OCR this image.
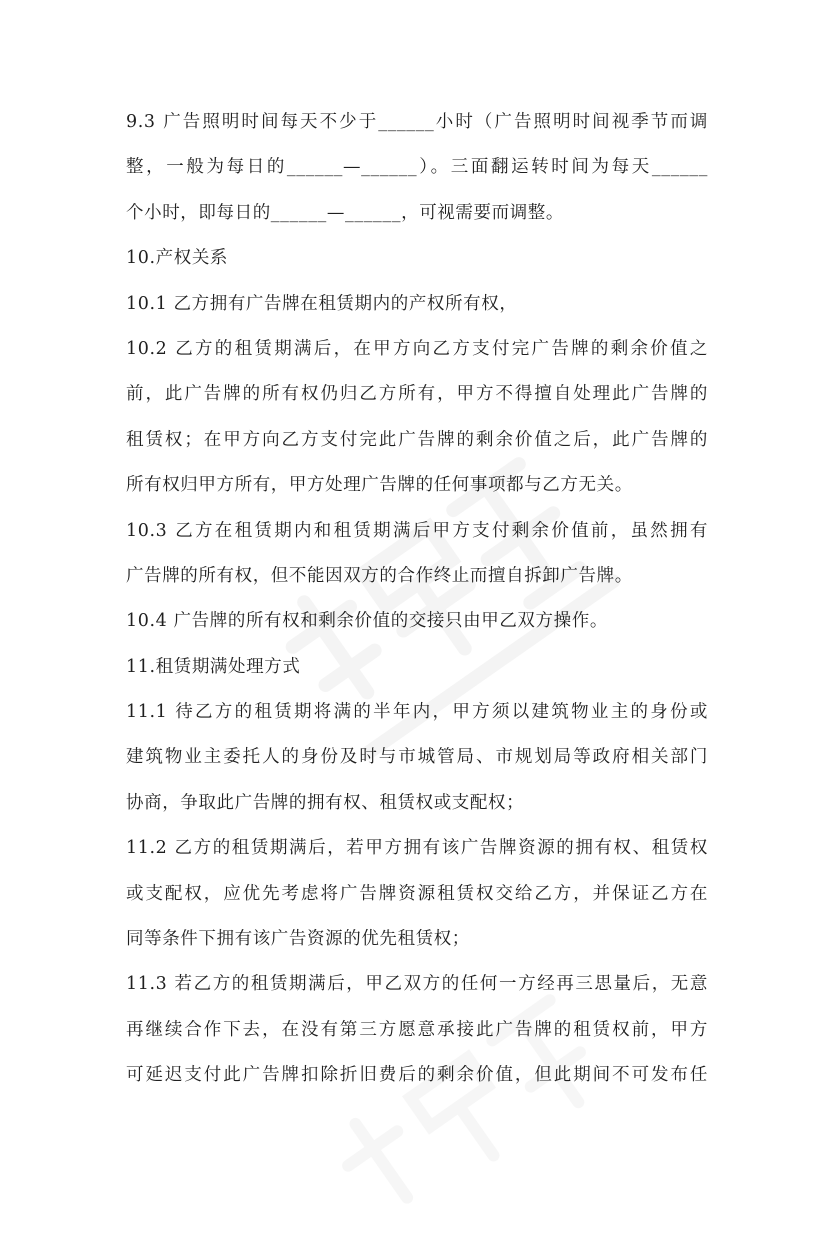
9.3 广告照明时间每天不少于______小时（广告照明时间视季节而调
整，一般为每日的______—______）。三面翻运转时间为每天______
个小时，即每日的______—______，可视需要而调整。
10.产权关系
10.1 乙方拥有广告牌在租赁期内的产权所有权，
10.2 乙方的租赁期满后，在甲方向乙方支付完广告牌的剩余价值之
前，此广告牌的所有权仍归乙方所有，甲方不得擅自处理此广告牌的
租赁权；在甲方向乙方支付完此广告牌的剩余价值之后，此广告牌的
所有权归甲方所有，甲方处理广告牌的任何事项都与乙方无关。
10.3 乙方在租赁期内和租赁期满后甲方支付剩余价值前，虽然拥有
广告牌的所有权，但不能因双方的合作终止而擅自拆卸广告牌。
10.4 广告牌的所有权和剩余价值的交接只由甲乙双方操作。
11.租赁期满处理方式
11.1 待乙方的租赁期将满的半年内，甲方须以建筑物业主的身份或
建筑物业主委托人的身份及时与市城管局、市规划局等政府相关部门
协商，争取此广告牌的拥有权、租赁权或支配权；
11.2 乙方的租赁期满后，若甲方拥有该广告牌资源的拥有权、租赁权
或支配权，应优先考虑将广告牌资源租赁权交给乙方，并保证乙方在
同等条件下拥有该广告资源的优先租赁权；
11.3 若乙方的租赁期满后，甲乙双方的任何一方经再三思量后，无意
再继续合作下去，在没有第三方愿意承接此广告牌的租赁权前，甲方
可延迟支付此广告牌扣除折旧费后的剩余价值，但此期间不可发布任
